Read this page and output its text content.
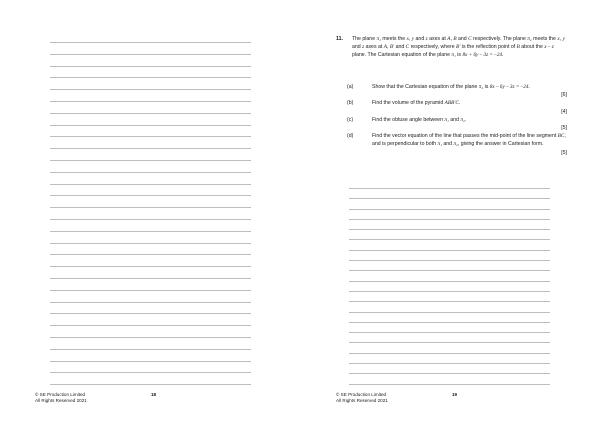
© SE Production Limited
All Rights Reserved 2021
18
11. The plane π₁ meets the x, y and z axes at A, B and C respectively. The plane π₂ meets the x, y and z axes at A, B′ and C respectively, where B′ is the reflection point of B about the x – z plane. The Cartesian equation of the plane π₁ is 8x + 6y – 3z = –24.
(a)	Show that the Cartesian equation of the plane π₂ is 8x – 6y – 3z = –24.
[6]
(b)	Find the volume of the pyramid ABB′C.
[4]
(c)	Find the obtuse angle between π₁ and π₂.
[5]
(d)	Find the vector equation of the line that passes the mid-point of the line segment BC, and is perpendicular to both π₁ and π₂, giving the answer in Cartesian form.
[5]
© SE Production Limited
All Rights Reserved 2021
19
